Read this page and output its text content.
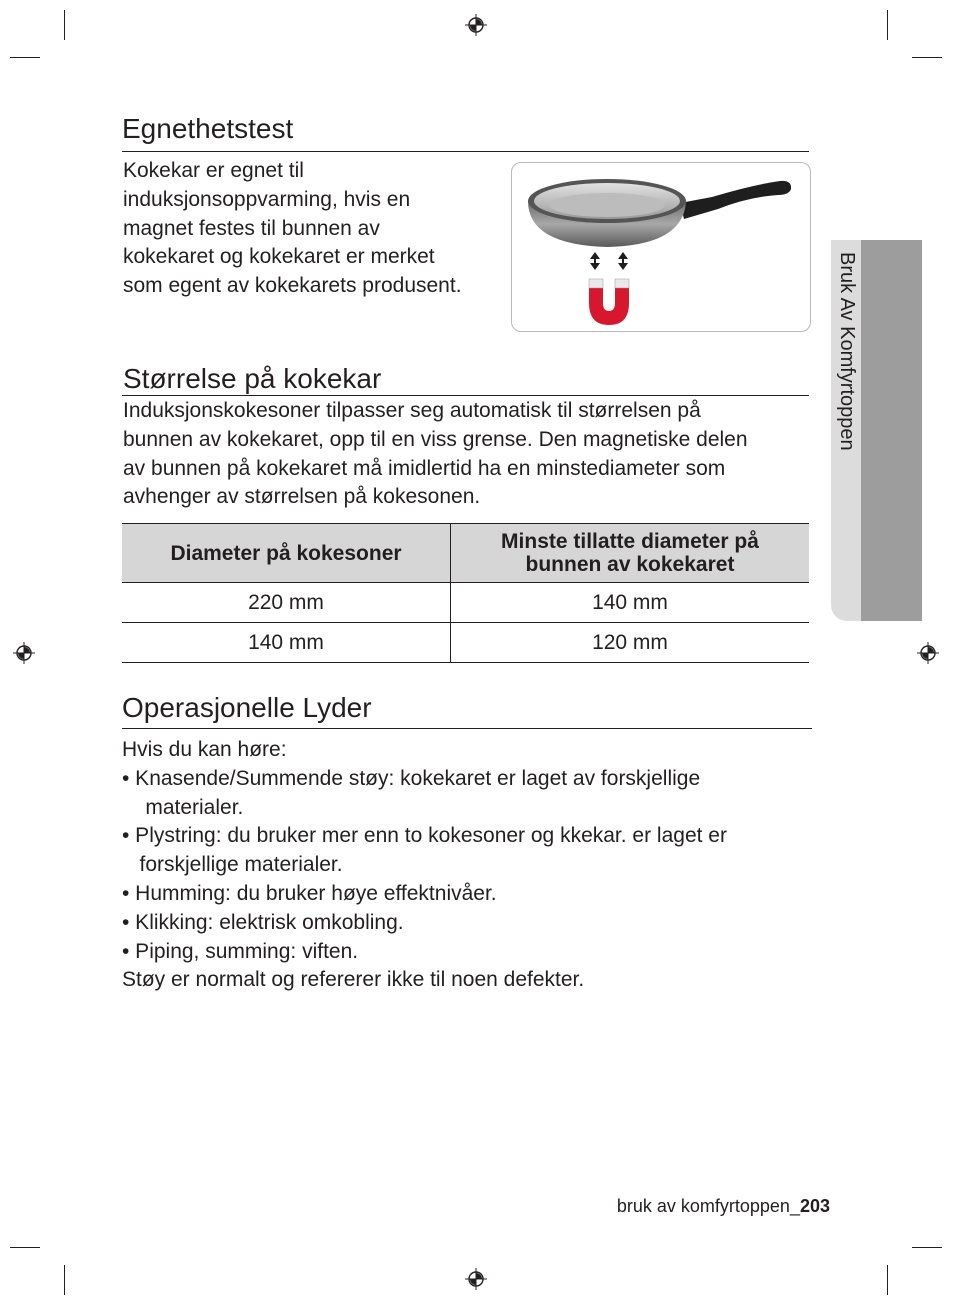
Egnethetstest

Kokekar er egnet til
induksjonsoppvarming, hvis en
magnet festes til bunnen av
kokekaret og kokekaret er merket
som egent av kokekarets produsent.	Bruk Av Komfyrtoppen
Størrelse på kokekar

Induksjonskokesoner tilpasser seg automatisk til størrelsen på
bunnen av kokekaret, opp til en viss grense. Den magnetiske delen
av bunnen på kokekaret må imidlertid ha en minstediameter som
avhenger av størrelsen på kokesonen.

Diameter på kokesoner	Minste tillatte diameter på
bunnen av kokekaret

220 mm	140 mm
140 mm	120 mm
Operasjonelle Lyder
Hvis du kan høre:
• Knasende/Summende støy: kokekaret er laget av forskjellige
materialer.
• Plystring: du bruker mer enn to kokesoner og kkekar. er laget er
forskjellige materialer.
• Humming: du bruker høye effektnivåer.
• Klikking: elektrisk omkobling.
• Piping, summing: viften.
Støy er normalt og refererer ikke til noen defekter.
bruk av komfyrtoppen_203
